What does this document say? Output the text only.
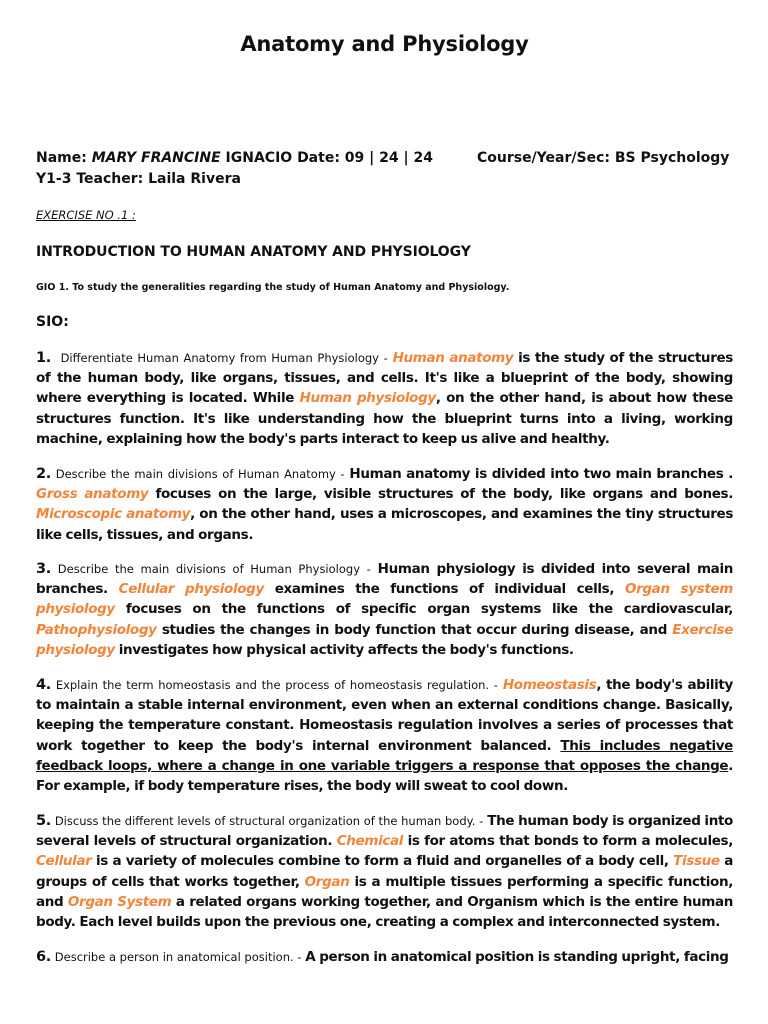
Anatomy and Physiology
Name: MARY FRANCINE IGNACIO Date: 09 | 24 | 24	Course/Year/Sec: BS Psychology Y1-3 Teacher: Laila Rivera
EXERCISE NO .1 :
INTRODUCTION TO HUMAN ANATOMY AND PHYSIOLOGY
GIO 1. To study the generalities regarding the study of Human Anatomy and Physiology.
SIO:
1. Differentiate Human Anatomy from Human Physiology - Human anatomy is the study of the structures of the human body, like organs, tissues, and cells. It's like a blueprint of the body, showing where everything is located. While Human physiology, on the other hand, is about how these structures function. It's like understanding how the blueprint turns into a living, working machine, explaining how the body's parts interact to keep us alive and healthy.
2. Describe the main divisions of Human Anatomy - Human anatomy is divided into two main branches . Gross anatomy focuses on the large, visible structures of the body, like organs and bones. Microscopic anatomy, on the other hand, uses a microscopes, and examines the tiny structures like cells, tissues, and organs.
3. Describe the main divisions of Human Physiology - Human physiology is divided into several main branches. Cellular physiology examines the functions of individual cells, Organ system physiology focuses on the functions of specific organ systems like the cardiovascular, Pathophysiology studies the changes in body function that occur during disease, and Exercise physiology investigates how physical activity affects the body's functions.
4. Explain the term homeostasis and the process of homeostasis regulation. - Homeostasis, the body's ability to maintain a stable internal environment, even when an external conditions change. Basically, keeping the temperature constant. Homeostasis regulation involves a series of processes that work together to keep the body's internal environment balanced. This includes negative feedback loops, where a change in one variable triggers a response that opposes the change. For example, if body temperature rises, the body will sweat to cool down.
5. Discuss the different levels of structural organization of the human body. - The human body is organized into several levels of structural organization. Chemical is for atoms that bonds to form a molecules, Cellular is a variety of molecules combine to form a fluid and organelles of a body cell, Tissue a groups of cells that works together, Organ is a multiple tissues performing a specific function, and Organ System a related organs working together, and Organism which is the entire human body. Each level builds upon the previous one, creating a complex and interconnected system.
6. Describe a person in anatomical position. - A person in anatomical position is standing upright, facing
